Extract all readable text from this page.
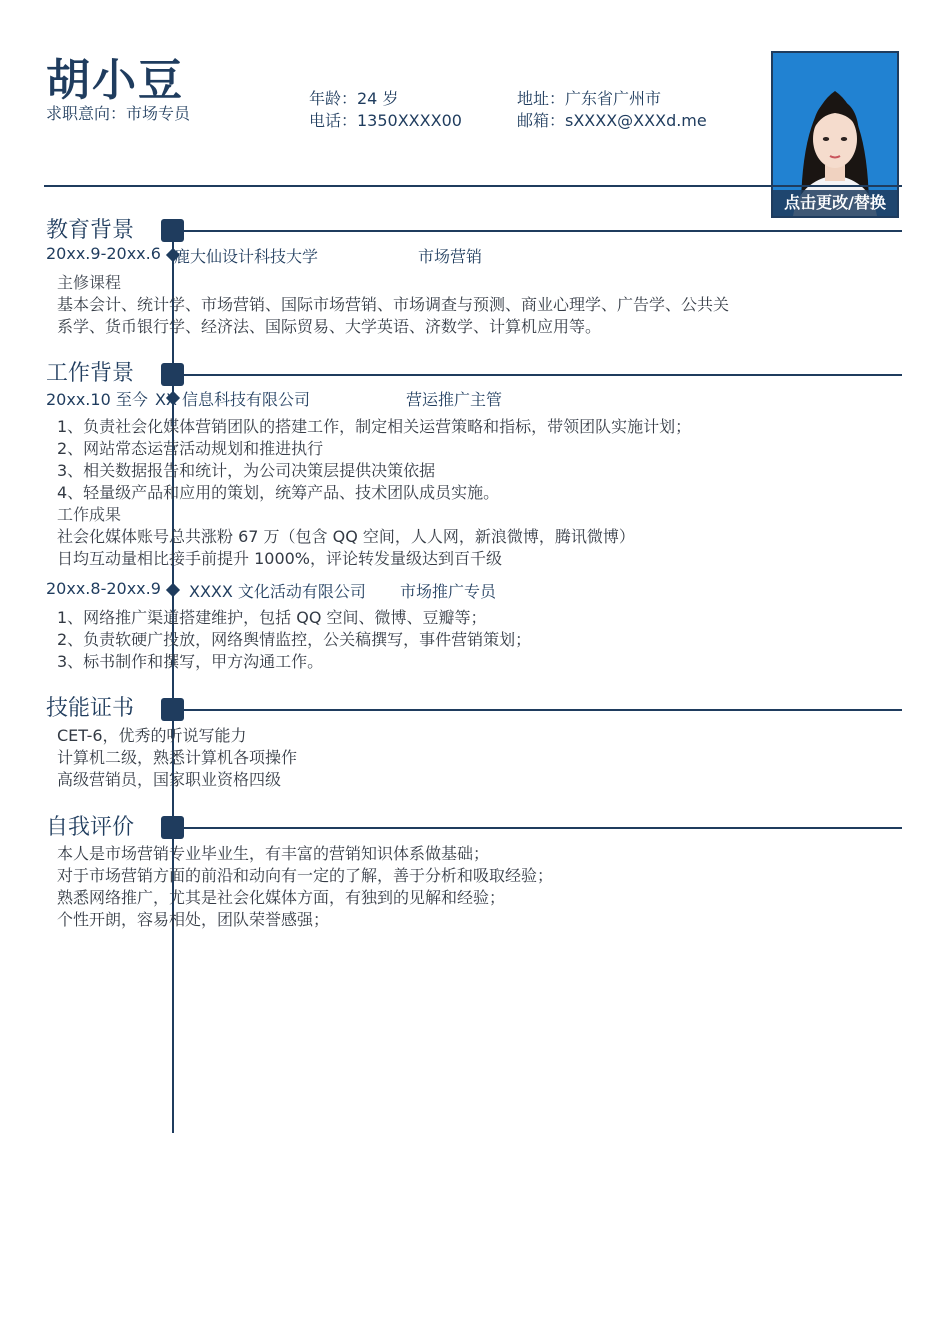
胡小豆
求职意向：市场专员
年龄：24 岁
电话：1350XXXX00
地址：广东省广州市
邮箱：sXXXX@XXXd.me
点击更改/替换
教育背景
20xx.9-20xx.6 鹿大仙设计科技大学	市场营销
主修课程
基本会计、统计学、市场营销、国际市场营销、市场调查与预测、商业心理学、广告学、公共关
系学、货币银行学、经济法、国际贸易、大学英语、济数学、计算机应用等。
工作背景
20xx.10 至今 XX 信息科技有限公司	营运推广主管
1、负责社会化媒体营销团队的搭建工作，制定相关运营策略和指标，带领团队实施计划；
2、网站常态运营活动规划和推进执行
3、相关数据报告和统计，为公司决策层提供决策依据
4、轻量级产品和应用的策划，统筹产品、技术团队成员实施。
工作成果
社会化媒体账号总共涨粉 67 万（包含 QQ 空间，人人网，新浪微博，腾讯微博）
日均互动量相比接手前提升 1000%，评论转发量级达到百千级
20xx.8-20xx.9 XXXX 文化活动有限公司 市场推广专员
1、网络推广渠道搭建维护，包括 QQ 空间、微博、豆瓣等；
2、负责软硬广投放，网络舆情监控，公关稿撰写，事件营销策划；
3、标书制作和撰写，甲方沟通工作。
技能证书
CET-6，优秀的听说写能力
计算机二级，熟悉计算机各项操作
高级营销员，国家职业资格四级
自我评价
本人是市场营销专业毕业生，有丰富的营销知识体系做基础；
对于市场营销方面的前沿和动向有一定的了解，善于分析和吸取经验；
熟悉网络推广，尤其是社会化媒体方面，有独到的见解和经验；
个性开朗，容易相处，团队荣誉感强；
